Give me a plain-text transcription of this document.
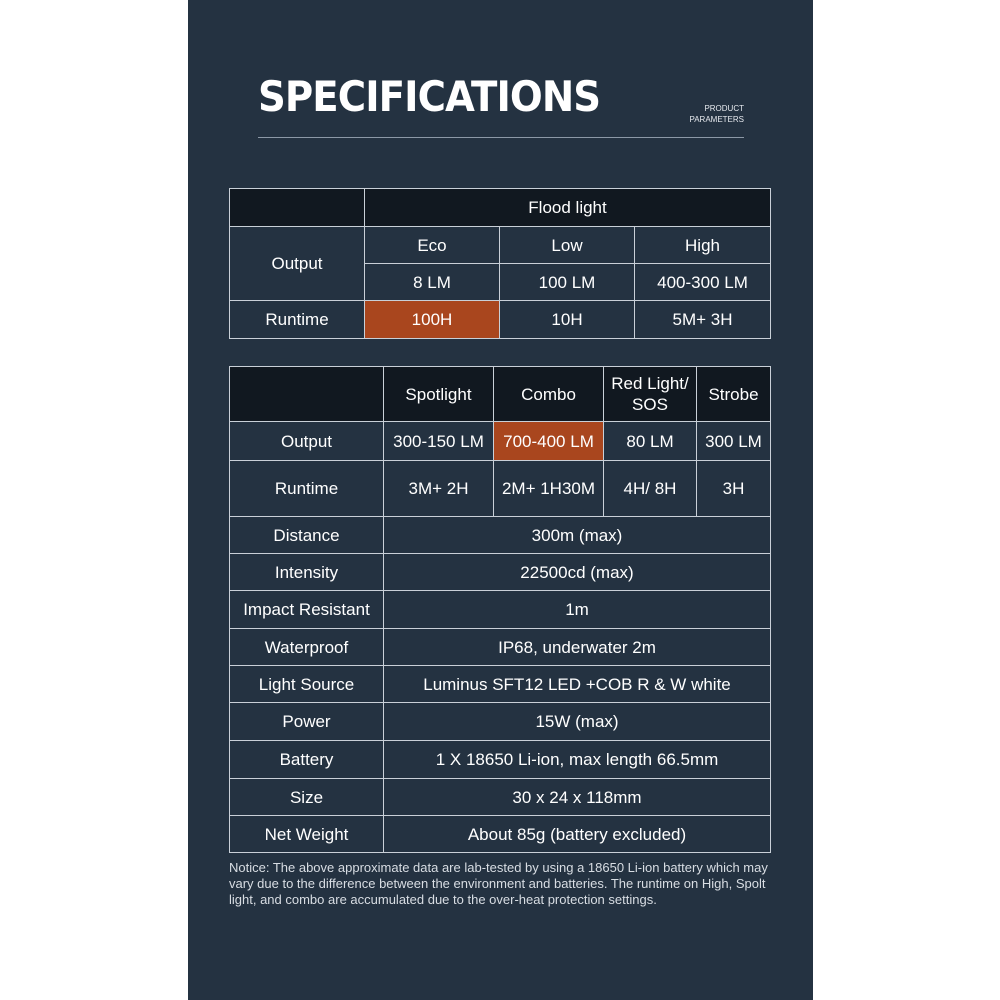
SPECIFICATIONS	PRODUCT
PARAMETERS
	Flood light		
Output	Eco	Low	High
	8 LM	100 LM	400-300 LM
Runtime	100H	10H	5M+ 3H
	Spotlight	Combo	Red Light/ SOS	Strobe
Output	300-150 LM	700-400 LM	80 LM	300 LM
Runtime	3M+ 2H	2M+ 1H30M	4H/ 8H	3H
Distance	300m (max)			
Intensity	22500cd (max)			
Impact Resistant	1m			
Waterproof	IP68, underwater 2m			
Light Source	Luminus SFT12 LED +COB R & W white			
Power	15W (max)			
Battery	1 X 18650 Li-ion, max length 66.5mm			
Size	30 x 24 x 118mm			
Net Weight	About 85g (battery excluded)			

Notice: The above approximate data are lab-tested by using a 18650 Li-ion battery which may vary due to the difference between the environment and batteries. The runtime on High, Spolt light, and combo are accumulated due to the over-heat protection settings.
